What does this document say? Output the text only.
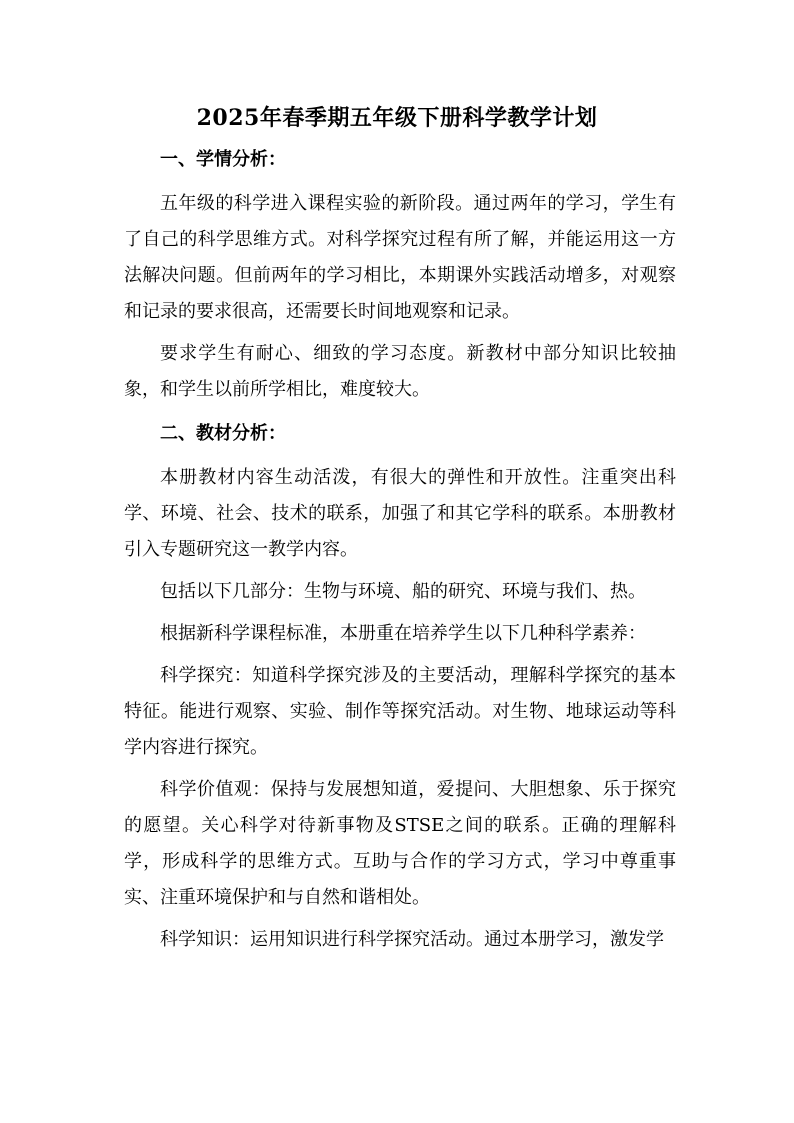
2025年春季期五年级下册科学教学计划
一、学情分析：

五年级的科学进入课程实验的新阶段。通过两年的学习，学生有了自己的科学思维方式。对科学探究过程有所了解，并能运用这一方法解决问题。但前两年的学习相比，本期课外实践活动增多，对观察和记录的要求很高，还需要长时间地观察和记录。

要求学生有耐心、细致的学习态度。新教材中部分知识比较抽象，和学生以前所学相比，难度较大。

二、教材分析：

本册教材内容生动活泼，有很大的弹性和开放性。注重突出科学、环境、社会、技术的联系，加强了和其它学科的联系。本册教材引入专题研究这一教学内容。

包括以下几部分：生物与环境、船的研究、环境与我们、热。

根据新科学课程标准，本册重在培养学生以下几种科学素养：

科学探究：知道科学探究涉及的主要活动，理解科学探究的基本特征。能进行观察、实验、制作等探究活动。对生物、地球运动等科学内容进行探究。

科学价值观：保持与发展想知道，爱提问、大胆想象、乐于探究的愿望。关心科学对待新事物及STSE之间的联系。正确的理解科学，形成科学的思维方式。互助与合作的学习方式，学习中尊重事实、注重环境保护和与自然和谐相处。

科学知识：运用知识进行科学探究活动。通过本册学习，激发学
